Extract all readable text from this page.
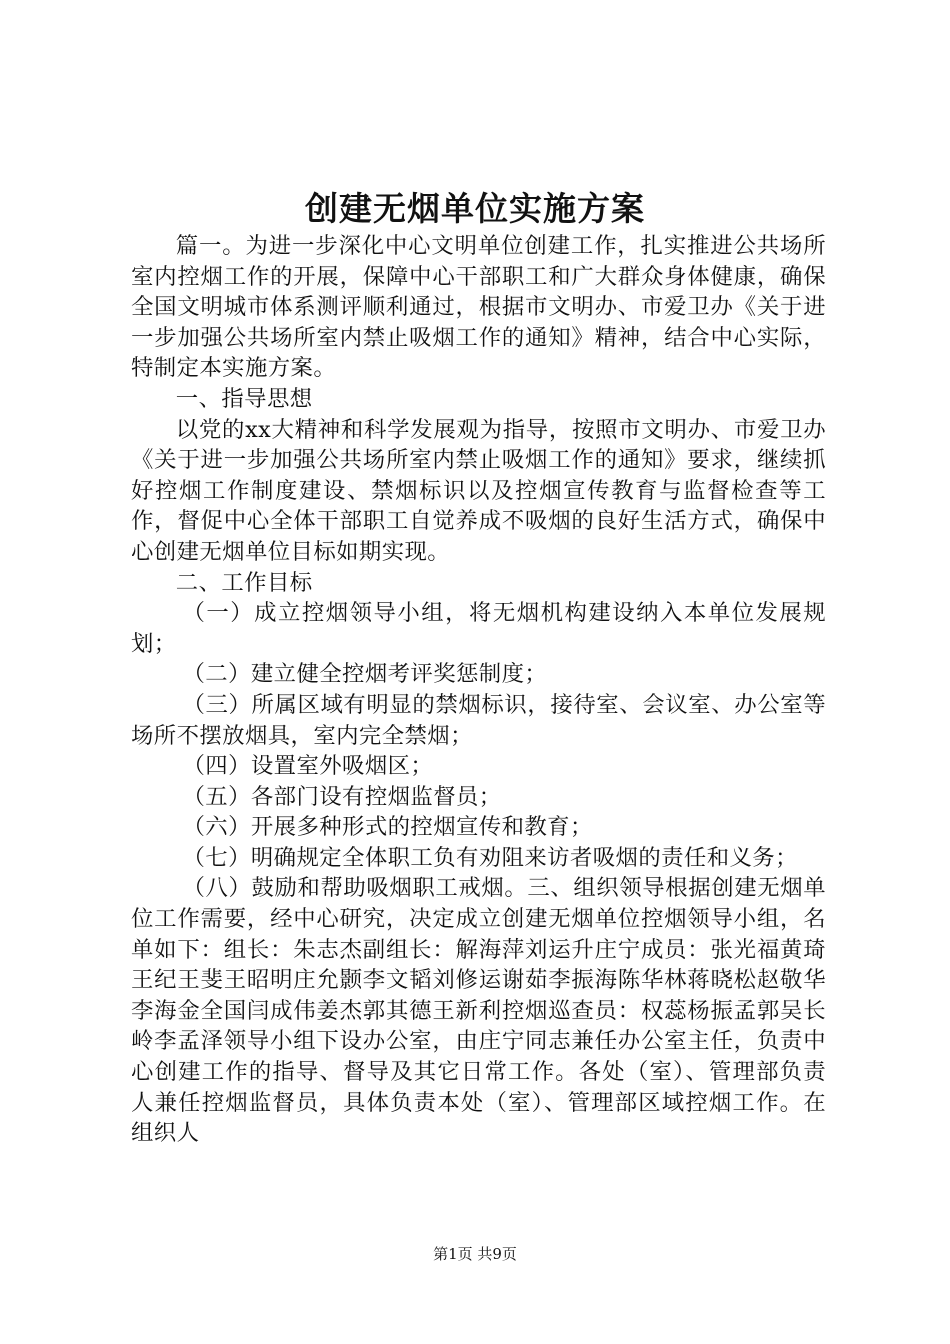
创建无烟单位实施方案

篇一。为进一步深化中心文明单位创建工作，扎实推进公共场所室内控烟工作的开展，保障中心干部职工和广大群众身体健康，确保全国文明城市体系测评顺利通过，根据市文明办、市爱卫办《关于进一步加强公共场所室内禁止吸烟工作的通知》精神，结合中心实际，特制定本实施方案。

一、指导思想

以党的xx大精神和科学发展观为指导，按照市文明办、市爱卫办《关于进一步加强公共场所室内禁止吸烟工作的通知》要求，继续抓好控烟工作制度建设、禁烟标识以及控烟宣传教育与监督检查等工作，督促中心全体干部职工自觉养成不吸烟的良好生活方式，确保中心创建无烟单位目标如期实现。

二、工作目标

（一）成立控烟领导小组，将无烟机构建设纳入本单位发展规划；

（二）建立健全控烟考评奖惩制度；

（三）所属区域有明显的禁烟标识，接待室、会议室、办公室等场所不摆放烟具，室内完全禁烟；

（四）设置室外吸烟区；

（五）各部门设有控烟监督员；

（六）开展多种形式的控烟宣传和教育；

（七）明确规定全体职工负有劝阻来访者吸烟的责任和义务；

（八）鼓励和帮助吸烟职工戒烟。三、组织领导根据创建无烟单位工作需要，经中心研究，决定成立创建无烟单位控烟领导小组，名单如下：组长：朱志杰副组长：解海萍刘运升庄宁成员：张光福黄琦王纪王斐王昭明庄允颢李文韬刘修运谢茹李振海陈华林蒋晓松赵敬华李海金全国闫成伟姜杰郭其德王新利控烟巡查员：权蕊杨振孟郭吴长岭李孟泽领导小组下设办公室，由庄宁同志兼任办公室主任，负责中心创建工作的指导、督导及其它日常工作。各处（室）、管理部负责人兼任控烟监督员，具体负责本处（室）、管理部区域控烟工作。在组织人

第1页 共9页
